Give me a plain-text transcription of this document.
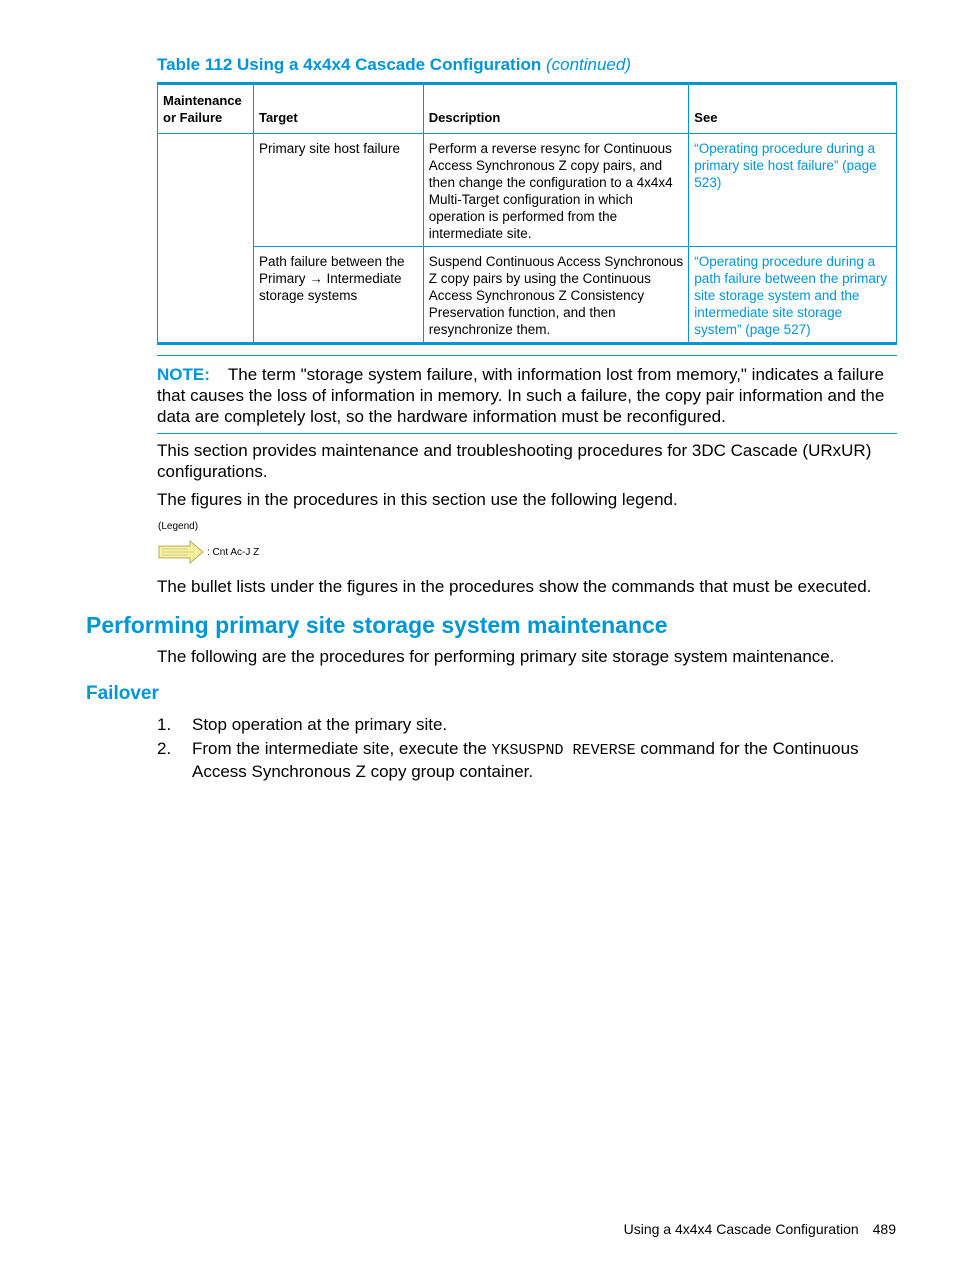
Table 112 Using a 4x4x4 Cascade Configuration (continued)
Maintenance or Failure	Target	Description	See
	Primary site host failure	Perform a reverse resync for Continuous Access Synchronous Z copy pairs, and then change the configuration to a 4x4x4 Multi-Target configuration in which operation is performed from the intermediate site.	“Operating procedure during a primary site host failure” (page 523)
	Path failure between the Primary → Intermediate storage systems	Suspend Continuous Access Synchronous Z copy pairs by using the Continuous Access Synchronous Z Consistency Preservation function, and then resynchronize them.	“Operating procedure during a path failure between the primary site storage system and the intermediate site storage system” (page 527)
NOTE: The term "storage system failure, with information lost from memory," indicates a failure that causes the loss of information in memory. In such a failure, the copy pair information and the data are completely lost, so the hardware information must be reconfigured.

This section provides maintenance and troubleshooting procedures for 3DC Cascade (URxUR) configurations.

The figures in the procedures in this section use the following legend.

(Legend)
: Cnt Ac-J Z

The bullet lists under the figures in the procedures show the commands that must be executed.

Performing primary site storage system maintenance

The following are the procedures for performing primary site storage system maintenance.

Failover
1. Stop operation at the primary site.
2. From the intermediate site, execute the YKSUSPND REVERSE command for the Continuous Access Synchronous Z copy group container.
Using a 4x4x4 Cascade Configuration 489
